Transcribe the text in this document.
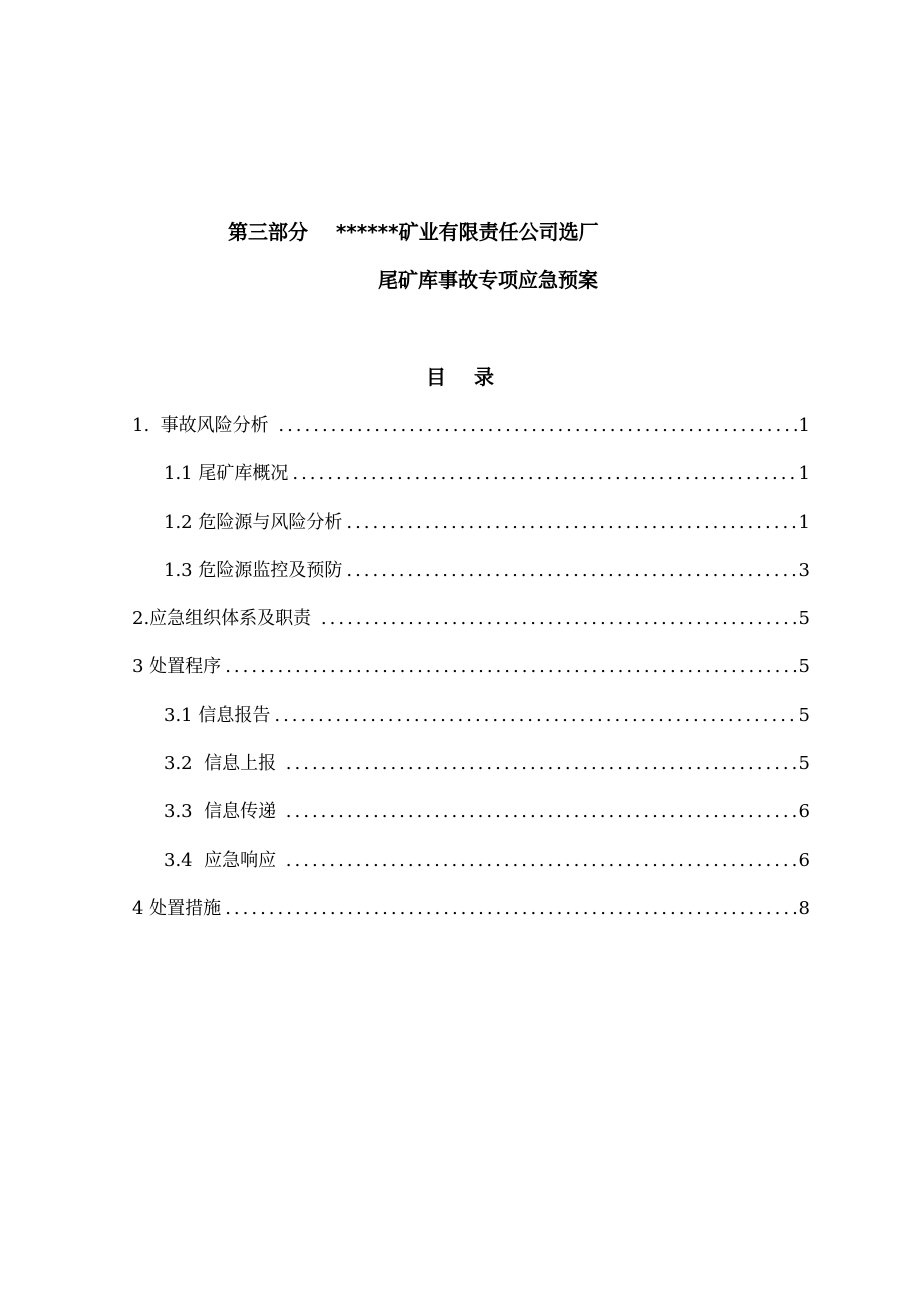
第三部分    ******矿业有限责任公司选厂
尾矿库事故专项应急预案
目录
1.  事故风险分析 .....	1
1.1 尾矿库概况 .....	1
1.2 危险源与风险分析 .....	1
1.3 危险源监控及预防 .....	3
2.应急组织体系及职责 .....	5
3 处置程序 .....	5
3.1 信息报告 .....	5
3.2  信息上报 .....	5
3.3  信息传递 .....	6
3.4  应急响应 .....	6
4 处置措施 .....	8
